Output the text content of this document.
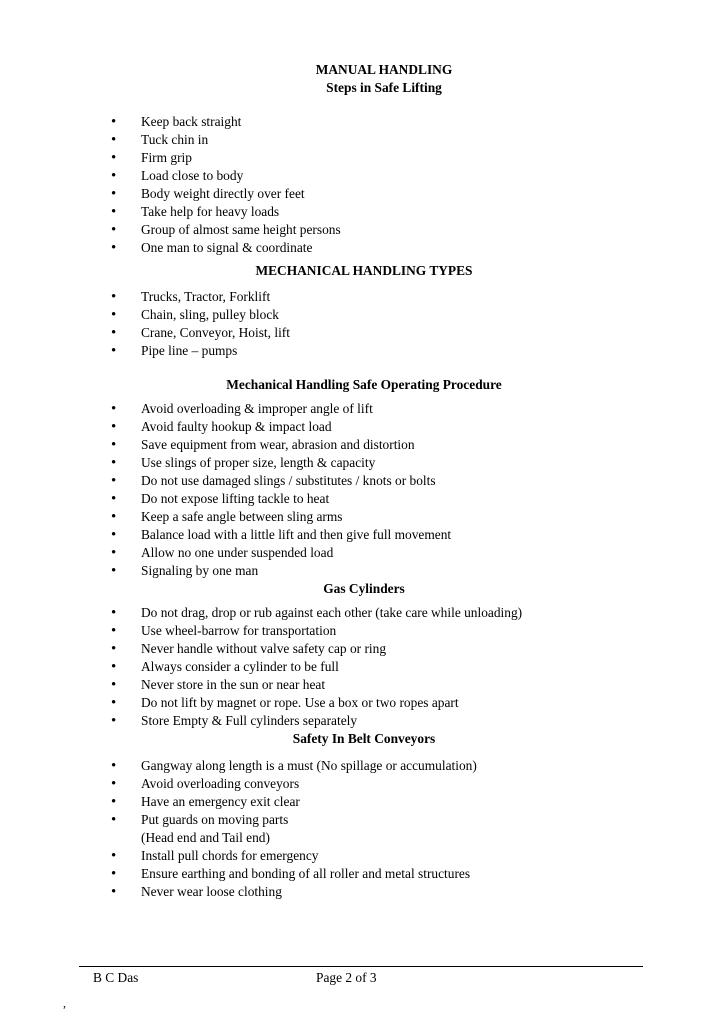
MANUAL HANDLING
Steps in Safe Lifting
• Keep back straight
• Tuck chin in
• Firm grip
• Load close to body
• Body weight directly over feet
• Take help for heavy loads
• Group of almost same height persons
• One man to signal & coordinate
MECHANICAL HANDLING TYPES
• Trucks, Tractor, Forklift
• Chain, sling, pulley block
• Crane, Conveyor, Hoist, lift
• Pipe line – pumps
Mechanical Handling Safe Operating Procedure
• Avoid overloading & improper angle of lift
• Avoid faulty hookup & impact load
• Save equipment from wear, abrasion and distortion
• Use slings of proper size, length & capacity
• Do not use damaged slings / substitutes / knots or bolts
• Do not expose lifting tackle to heat
• Keep a safe angle between sling arms
• Balance load with a little lift and then give full movement
• Allow no one under suspended load
• Signaling by one man
Gas Cylinders
• Do not drag, drop or rub against each other (take care while unloading)
• Use wheel-barrow for transportation
• Never handle without valve safety cap or ring
• Always consider a cylinder to be full
• Never store in the sun or near heat
• Do not lift by magnet or rope. Use a box or two ropes apart
• Store Empty & Full cylinders separately
Safety In Belt Conveyors
• Gangway along length is a must (No spillage or accumulation)
• Avoid overloading conveyors
• Have an emergency exit clear
• Put guards on moving parts
(Head end and Tail end)
• Install pull chords for emergency
• Ensure earthing and bonding of all roller and metal structures
• Never wear loose clothing
B C Das	Page 2 of 3
,
